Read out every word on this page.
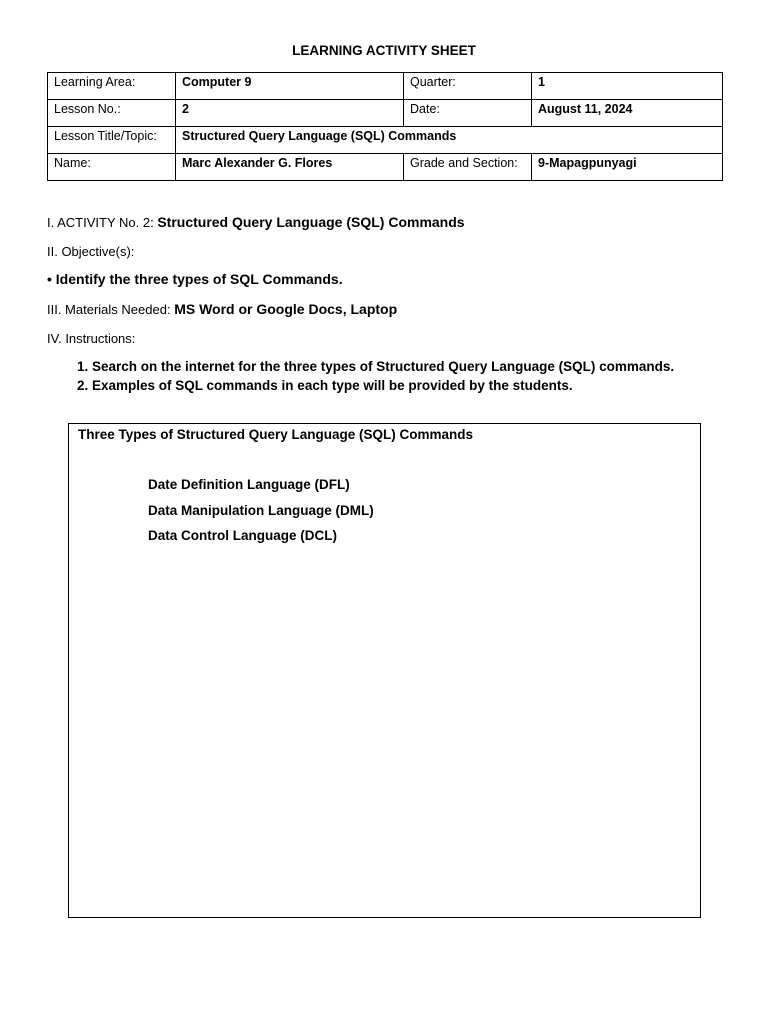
LEARNING ACTIVITY SHEET
Learning Area:	Computer 9	Quarter:	1
Lesson No.:	2	Date:	August 11, 2024
Lesson Title/Topic:	Structured Query Language (SQL) Commands		
Name:	Marc Alexander G. Flores	Grade and Section:	9-Mapagpunyagi
I. ACTIVITY No. 2: Structured Query Language (SQL) Commands
II. Objective(s):
• Identify the three types of SQL Commands.
III. Materials Needed: MS Word or Google Docs, Laptop
IV. Instructions:
1. Search on the internet for the three types of Structured Query Language (SQL) commands.
2. Examples of SQL commands in each type will be provided by the students.
Three Types of Structured Query Language (SQL) Commands
Date Definition Language (DFL)
Data Manipulation Language (DML)
Data Control Language (DCL)
